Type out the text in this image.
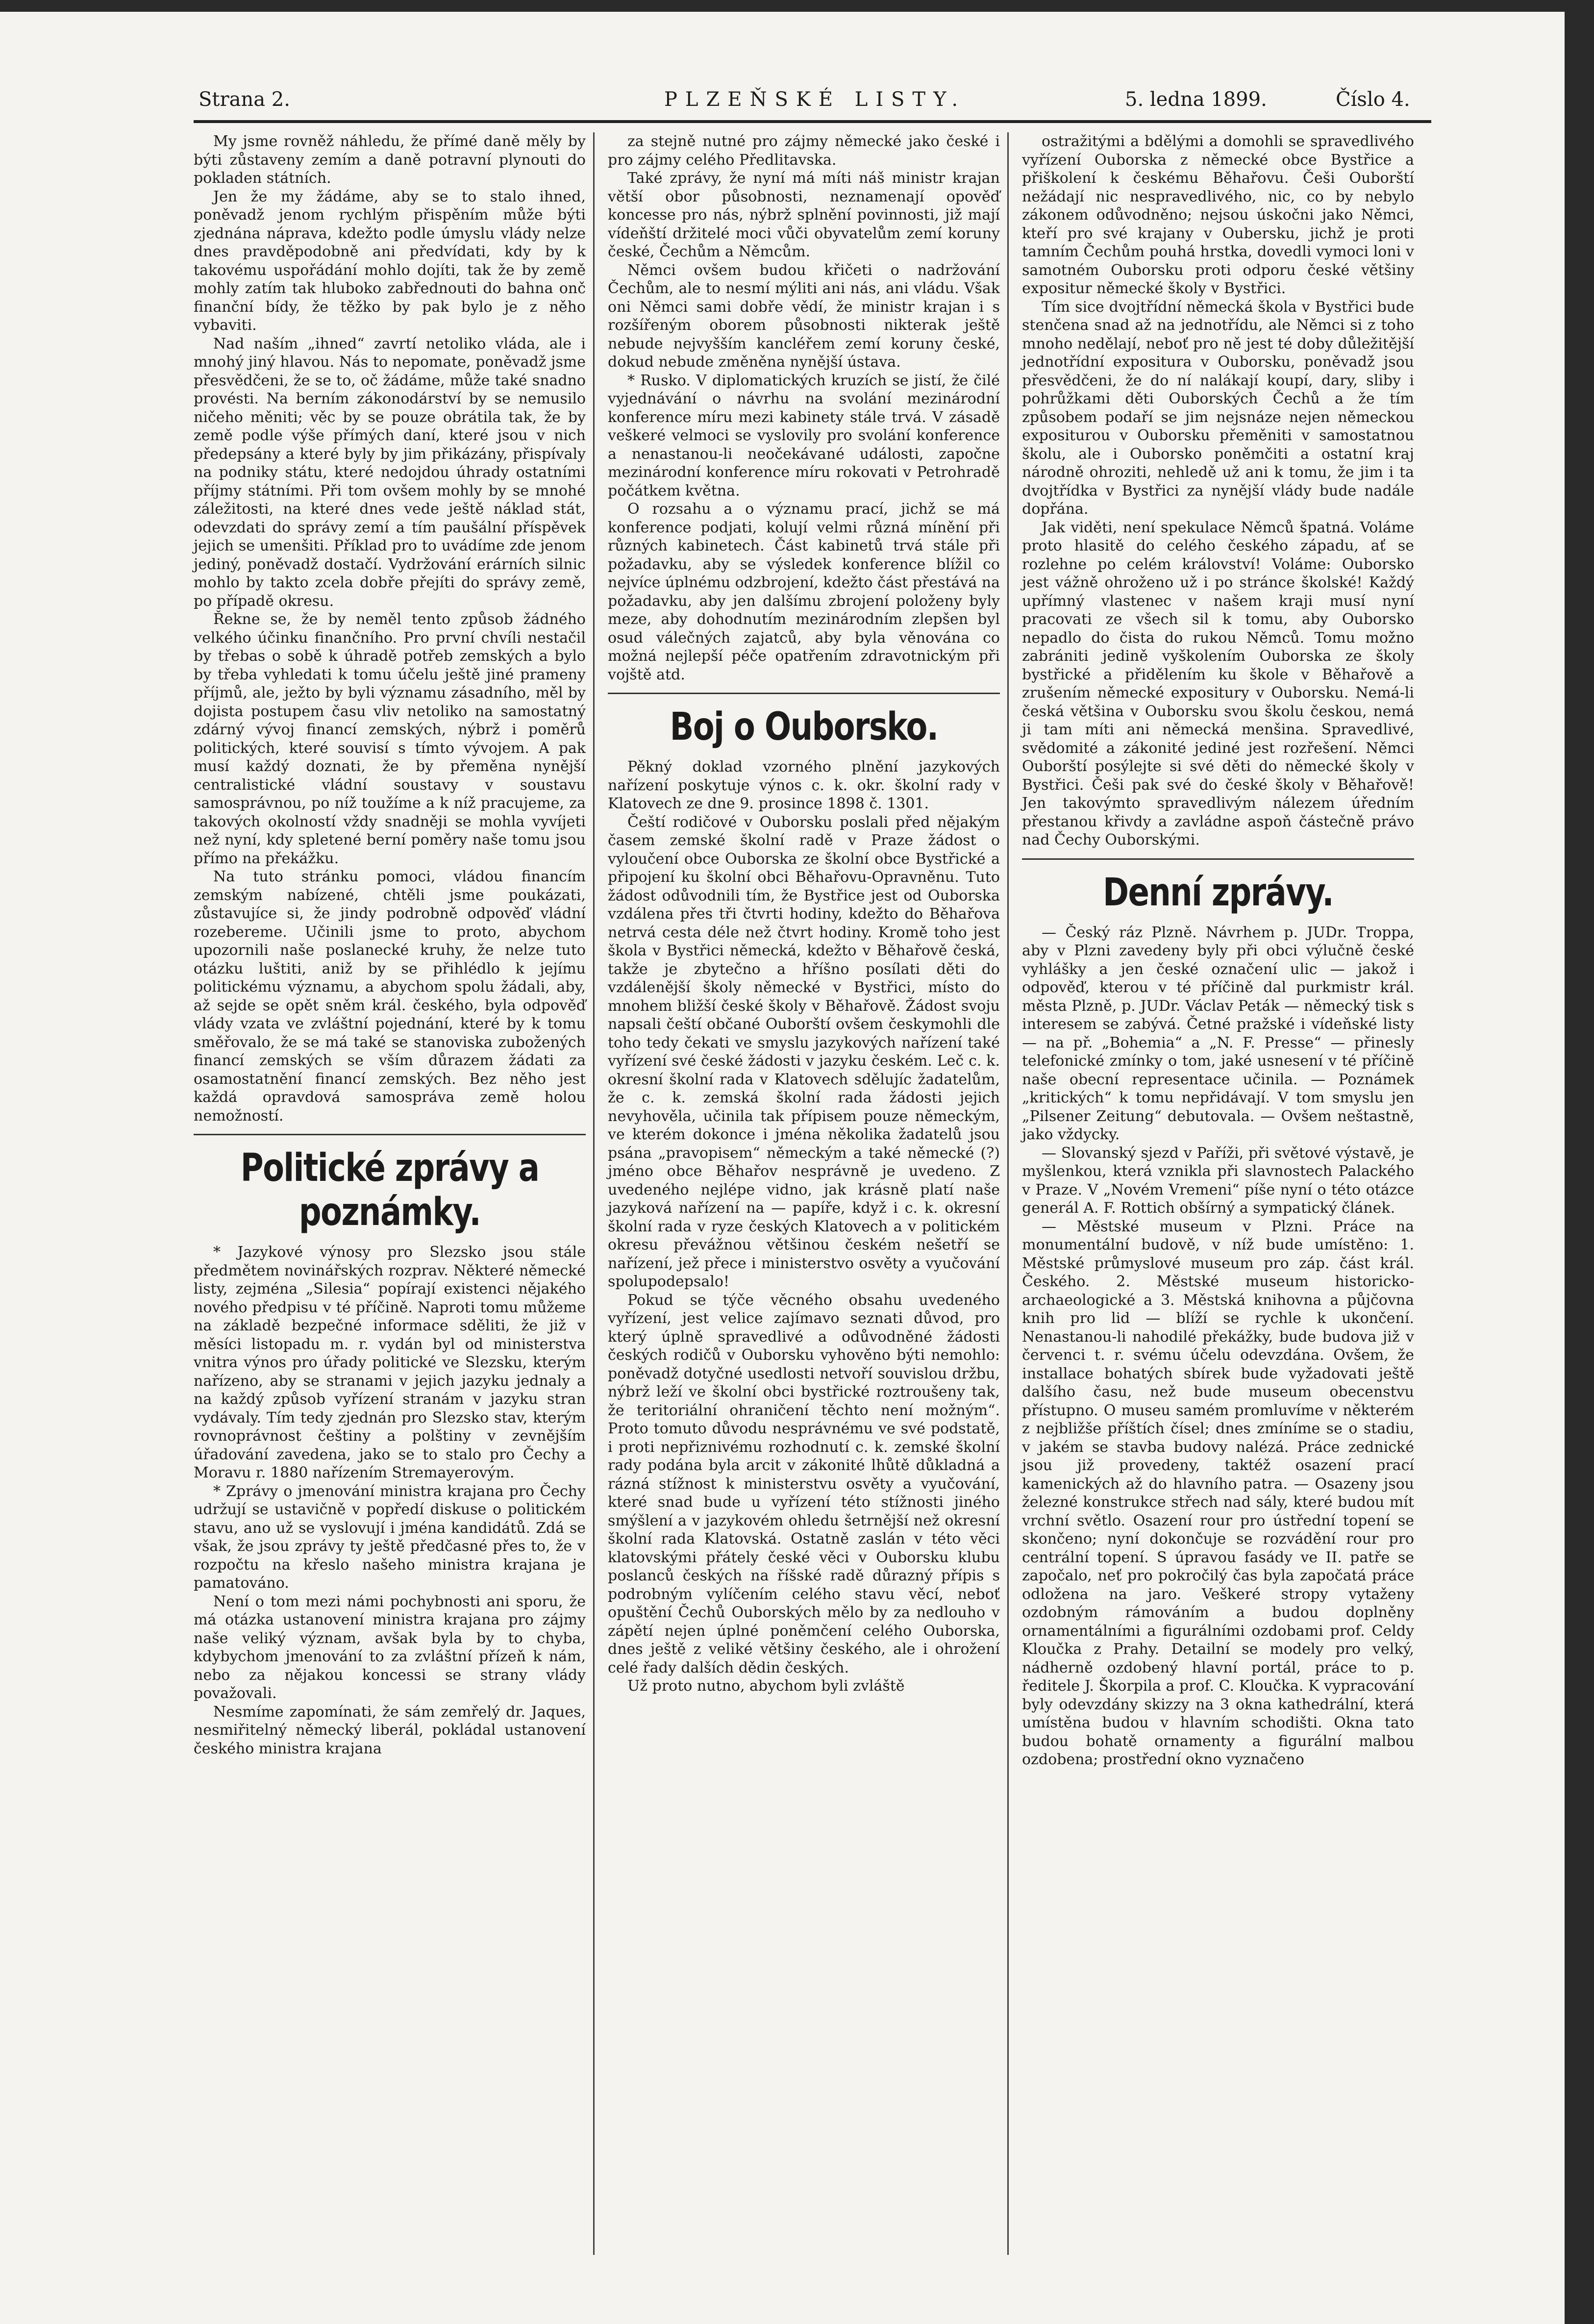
Strana 2.	PLZEŇSKÉ LISTY.	5. ledna 1899.	Číslo 4.

My jsme rovněž náhledu, že přímé daně měly by býti zůstaveny zemím a daně potravní plynouti do pokladen státních.

Jen že my žádáme, aby se to stalo ihned, poněvadž jenom rychlým přispěním může býti zjednána náprava, kdežto podle úmyslu vlády nelze dnes pravděpodobně ani předvídati, kdy by k takovému uspořádání mohlo dojíti, tak že by země mohly zatím tak hluboko zabřednouti do bahna onč finanční bídy, že těžko by pak bylo je z něho vybaviti.

Nad naším „ihned“ zavrtí netoliko vláda, ale i mnohý jiný hlavou. Nás to nepomate, poněvadž jsme přesvědčeni, že se to, oč žádáme, může také snadno provésti. Na berním zákonodárství by se nemusilo ničeho měniti; věc by se pouze obrátila tak, že by země podle výše přímých daní, které jsou v nich předepsány a které byly by jim přikázány, přispívaly na podniky státu, které nedojdou úhrady ostatními příjmy státními. Při tom ovšem mohly by se mnohé záležitosti, na které dnes vede ještě náklad stát, odevzdati do správy zemí a tím paušální příspěvek jejich se umenšiti. Příklad pro to uvádíme zde jenom jediný, poněvadž dostačí. Vydržování erárních silnic mohlo by takto zcela dobře přejíti do správy země, po případě okresu.

Řekne se, že by neměl tento způsob žádného velkého účinku finančního. Pro první chvíli nestačil by třebas o sobě k úhradě potřeb zemských a bylo by třeba vyhledati k tomu účelu ještě jiné prameny příjmů, ale, ježto by byli významu zásadního, měl by dojista postupem času vliv netoliko na samostatný zdárný vývoj financí zemských, nýbrž i poměrů politických, které souvisí s tímto vývojem. A pak musí každý doznati, že by přeměna nynější centralistické vládní soustavy v soustavu samosprávnou, po níž toužíme a k níž pracujeme, za takových okolností vždy snadněji se mohla vyvíjeti než nyní, kdy spletené berní poměry naše tomu jsou přímo na překážku.

Na tuto stránku pomoci, vládou financím zemským nabízené, chtěli jsme poukázati, zůstavujíce si, že jindy podrobně odpověď vládní rozebereme. Učinili jsme to proto, abychom upozornili naše poslanecké kruhy, že nelze tuto otázku luštiti, aniž by se přihlédlo k jejímu politickému významu, a abychom spolu žádali, aby, až sejde se opět sněm král. českého, byla odpověď vlády vzata ve zvláštní pojednání, které by k tomu směřovalo, že se má také se stanoviska zubožených financí zemských se vším důrazem žádati za osamostatnění financí zemských. Bez něho jest každá opravdová samospráva země holou nemožností.

Politické zprávy a poznámky.

* Jazykové výnosy pro Slezsko jsou stále předmětem novinářských rozprav. Některé německé listy, zejména „Silesia“ popírají existenci nějakého nového předpisu v té příčině. Naproti tomu můžeme na základě bezpečné informace sděliti, že již v měsíci listopadu m. r. vydán byl od ministerstva vnitra výnos pro úřady politické ve Slezsku, kterým nařízeno, aby se stranami v jejich jazyku jednaly a na každý způsob vyřízení stranám v jazyku stran vydávaly. Tím tedy zjednán pro Slezsko stav, kterým rovnoprávnost češtiny a polštiny v zevnějším úřadování zavedena, jako se to stalo pro Čechy a Moravu r. 1880 nařízením Stremayerovým.

* Zprávy o jmenování ministra krajana pro Čechy udržují se ustavičně v popředí diskuse o politickém stavu, ano už se vyslovují i jména kandidátů. Zdá se však, že jsou zprávy ty ještě předčasné přes to, že v rozpočtu na křeslo našeho ministra krajana je pamatováno.

Není o tom mezi námi pochybnosti ani sporu, že má otázka ustanovení ministra krajana pro zájmy naše veliký význam, avšak byla by to chyba, kdybychom jmenování to za zvláštní přízeň k nám, nebo za nějakou koncessi se strany vlády považovali.

Nesmíme zapomínati, že sám zemřelý dr. Jaques, nesmiřitelný německý liberál, pokládal ustanovení českého ministra krajana

za stejně nutné pro zájmy německé jako české i pro zájmy celého Předlitavska.

Také zprávy, že nyní má míti náš ministr krajan větší obor působnosti, neznamenají opověď koncesse pro nás, nýbrž splnění povinnosti, již mají vídeňští držitelé moci vůči obyvatelům zemí koruny české, Čechům a Němcům.

Němci ovšem budou křičeti o nadržování Čechům, ale to nesmí mýliti ani nás, ani vládu. Však oni Němci sami dobře vědí, že ministr krajan i s rozšířeným oborem působnosti nikterak ještě nebude nejvyšším kancléřem zemí koruny české, dokud nebude změněna nynější ústava.

* Rusko. V diplomatických kruzích se jistí, že čilé vyjednávání o návrhu na svolání mezinárodní konference míru mezi kabinety stále trvá. V zásadě veškeré velmoci se vyslovily pro svolání konference a nenastanou-li neočekávané události, započne mezinárodní konference míru rokovati v Petrohradě počátkem května.

O rozsahu a o významu prací, jichž se má konference podjati, kolují velmi různá mínění při různých kabinetech. Část kabinetů trvá stále při požadavku, aby se výsledek konference blížil co nejvíce úplnému odzbrojení, kdežto část přestává na požadavku, aby jen dalšímu zbrojení položeny byly meze, aby dohodnutím mezinárodním zlepšen byl osud válečných zajatců, aby byla věnována co možná nejlepší péče opatřením zdravotnickým při vojště atd.

Boj o Ouborsko.

Pěkný doklad vzorného plnění jazykových nařízení poskytuje výnos c. k. okr. školní rady v Klatovech ze dne 9. prosince 1898 č. 1301.

Čeští rodičové v Ouborsku poslali před nějakým časem zemské školní radě v Praze žádost o vyloučení obce Ouborska ze školní obce Bystřické a připojení ku školní obci Běhařovu-Opravněnu. Tuto žádost odůvodnili tím, že Bystřice jest od Ouborska vzdálena přes tři čtvrti hodiny, kdežto do Běhařova netrvá cesta déle než čtvrt hodiny. Kromě toho jest škola v Bystřici německá, kdežto v Běhařově česká, takže je zbytečno a hříšno posílati děti do vzdálenější školy německé v Bystřici, místo do mnohem bližší české školy v Běhařově. Žádost svoju napsali čeští občané Ouborští ovšem českymohli dle toho tedy čekati ve smyslu jazykových nařízení také vyřízení své české žádosti v jazyku českém. Leč c. k. okresní školní rada v Klatovech sdělujíc žadatelům, že c. k. zemská školní rada žádosti jejich nevyhověla, učinila tak přípisem pouze německým, ve kterém dokonce i jména několika žadatelů jsou psána „pravopisem“ německým a také německé (?) jméno obce Běhařov nesprávně je uvedeno. Z uvedeného nejlépe vidno, jak krásně platí naše jazyková nařízení na — papíře, když i c. k. okresní školní rada v ryze českých Klatovech a v politickém okresu převážnou většinou českém nešetří se nařízení, jež přece i ministerstvo osvěty a vyučování spolupodepsalo!

Pokud se týče věcného obsahu uvedeného vyřízení, jest velice zajímavo seznati důvod, pro který úplně spravedlivé a odůvodněné žádosti českých rodičů v Ouborsku vyhověno býti nemohlo: poněvadž dotyčné usedlosti netvoří souvislou držbu, nýbrž leží ve školní obci bystřické roztroušeny tak, že teritoriální ohraničení těchto není možným“. Proto tomuto důvodu nesprávnému ve své podstatě, i proti nepřiznivému rozhodnutí c. k. zemské školní rady podána byla arcit v zákonité lhůtě důkladná a rázná stížnost k ministerstvu osvěty a vyučování, které snad bude u vyřízení této stížnosti jiného smýšlení a v jazykovém ohledu šetrnější než okresní školní rada Klatovská. Ostatně zaslán v této věci klatovskými přátely české věci v Ouborsku klubu poslanců českých na říšské radě důrazný přípis s podrobným vylíčením celého stavu věcí, neboť opuštění Čechů Ouborských mělo by za nedlouho v zápětí nejen úplné poněmčení celého Ouborska, dnes ještě z veliké většiny českého, ale i ohrožení celé řady dalších dědin českých.

Už proto nutno, abychom byli zvláště

ostražitými a bdělými a domohli se spravedlivého vyřízení Ouborska z německé obce Bystřice a přiškolení k českému Běhařovu. Češi Ouborští nežádají nic nespravedlivého, nic, co by nebylo zákonem odůvodněno; nejsou úskočni jako Němci, kteří pro své krajany v Oubersku, jichž je proti tamním Čechům pouhá hrstka, dovedli vymoci loni v samotném Ouborsku proti odporu české většiny expositur německé školy v Bystřici.

Tím sice dvojtřídní německá škola v Bystřici bude stenčena snad až na jednotřídu, ale Němci si z toho mnoho nedělají, neboť pro ně jest té doby důležitější jednotřídní expositura v Ouborsku, poněvadž jsou přesvědčeni, že do ní nalákají koupí, dary, sliby i pohrůžkami děti Ouborských Čechů a že tím způsobem podaří se jim nejsnáze nejen německou expositurou v Ouborsku přeměniti v samostatnou školu, ale i Ouborsko poněmčiti a ostatní kraj národně ohroziti, nehledě už ani k tomu, že jim i ta dvojtřídka v Bystřici za nynější vlády bude nadále dopřána.

Jak viděti, není spekulace Němců špatná. Voláme proto hlasitě do celého českého západu, ať se rozlehne po celém království! Voláme: Ouborsko jest vážně ohroženo už i po stránce školské! Každý upřímný vlastenec v našem kraji musí nyní pracovati ze všech sil k tomu, aby Ouborsko nepadlo do čista do rukou Němců. Tomu možno zabrániti jedině vyškolením Ouborska ze školy bystřické a přidělením ku škole v Běhařově a zrušením německé expositury v Ouborsku. Nemá-li česká většina v Ouborsku svou školu českou, nemá ji tam míti ani německá menšina. Spravedlivé, svědomité a zákonité jediné jest rozřešení. Němci Ouborští posýlejte si své děti do německé školy v Bystřici. Češi pak své do české školy v Běhařově! Jen takovýmto spravedlivým nálezem úředním přestanou křivdy a zavládne aspoň částečně právo nad Čechy Ouborskými.

Denní zprávy.

— Český ráz Plzně. Návrhem p. JUDr. Troppa, aby v Plzni zavedeny byly při obci výlučně české vyhlášky a jen české označení ulic — jakož i odpověď, kterou v té příčině dal purkmistr král. města Plzně, p. JUDr. Václav Peták — německý tisk s interesem se zabývá. Četné pražské i vídeňské listy — na př. „Bohemia“ a „N. F. Presse“ — přinesly telefonické zmínky o tom, jaké usnesení v té příčině naše obecní representace učinila. — Poznámek „kritických“ k tomu nepřidávají. V tom smyslu jen „Pilsener Zeitung“ debutovala. — Ovšem neštastně, jako vždycky.

— Slovanský sjezd v Paříži, při světové výstavě, je myšlenkou, která vznikla při slavnostech Palackého v Praze. V „Novém Vremeni“ píše nyní o této otázce generál A. F. Rottich obšírný a sympatický článek.

— Městské museum v Plzni. Práce na monumentální budově, v níž bude umístěno: 1. Městské průmyslové museum pro záp. část král. Českého. 2. Městské museum historicko-archaeologické a 3. Městská knihovna a půjčovna knih pro lid — blíží se rychle k ukončení. Nenastanou-li nahodilé překážky, bude budova již v červenci t. r. svému účelu odevzdána. Ovšem, že installace bohatých sbírek bude vyžadovati ještě dalšího času, než bude museum obecenstvu přístupno. O museu samém promluvíme v některém z nejbližše příštích čísel; dnes zmíníme se o stadiu, v jakém se stavba budovy nalézá. Práce zednické jsou již provedeny, taktéž osazení prací kamenických až do hlavního patra. — Osazeny jsou železné konstrukce střech nad sály, které budou mít vrchní světlo. Osazení rour pro ústřední topení se skončeno; nyní dokončuje se rozvádění rour pro centrální topení. S úpravou fasády ve II. patře se započalo, neť pro pokročilý čas byla započatá práce odložena na jaro. Veškeré stropy vytaženy ozdobným rámováním a budou doplněny ornamentálními a figurálními ozdobami prof. Celdy Kloučka z Prahy. Detailní se modely pro velký, nádherně ozdobený hlavní portál, práce to p. ředitele J. Škorpila a prof. C. Kloučka. K vypracování byly odevzdány skizzy na 3 okna kathedrální, která umístěna budou v hlavním schodišti. Okna tato budou bohatě ornamenty a figurální malbou ozdobena; prostřední okno vyznačeno
